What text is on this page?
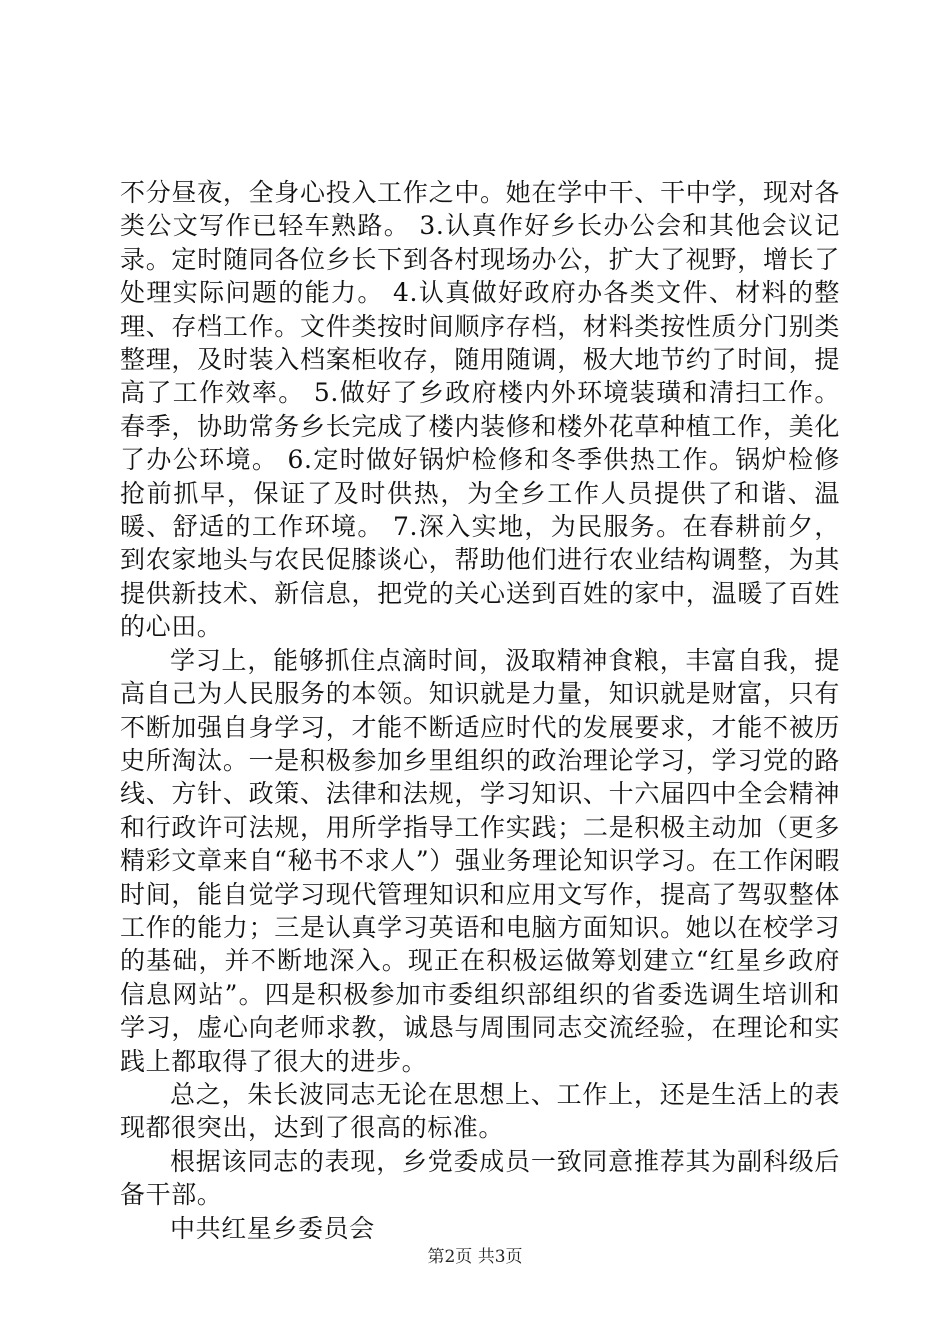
不分昼夜，全身心投入工作之中。她在学中干、干中学，现对各类公文写作已轻车熟路。 3.认真作好乡长办公会和其他会议记录。定时随同各位乡长下到各村现场办公，扩大了视野，增长了处理实际问题的能力。 4.认真做好政府办各类文件、材料的整理、存档工作。文件类按时间顺序存档，材料类按性质分门别类整理，及时装入档案柜收存，随用随调，极大地节约了时间，提高了工作效率。 5.做好了乡政府楼内外环境装璜和清扫工作。春季，协助常务乡长完成了楼内装修和楼外花草种植工作，美化了办公环境。 6.定时做好锅炉检修和冬季供热工作。锅炉检修抢前抓早，保证了及时供热，为全乡工作人员提供了和谐、温暖、舒适的工作环境。 7.深入实地，为民服务。在春耕前夕，到农家地头与农民促膝谈心，帮助他们进行农业结构调整，为其提供新技术、新信息，把党的关心送到百姓的家中，温暖了百姓的心田。

学习上，能够抓住点滴时间，汲取精神食粮，丰富自我，提高自己为人民服务的本领。知识就是力量，知识就是财富，只有不断加强自身学习，才能不断适应时代的发展要求，才能不被历史所淘汰。一是积极参加乡里组织的政治理论学习，学习党的路线、方针、政策、法律和法规，学习知识、十六届四中全会精神和行政许可法规，用所学指导工作实践；二是积极主动加（更多精彩文章来自“秘书不求人”）强业务理论知识学习。在工作闲暇时间，能自觉学习现代管理知识和应用文写作，提高了驾驭整体工作的能力；三是认真学习英语和电脑方面知识。她以在校学习的基础，并不断地深入。现正在积极运做筹划建立“红星乡政府信息网站”。四是积极参加市委组织部组织的省委选调生培训和学习，虚心向老师求教，诚恳与周围同志交流经验，在理论和实践上都取得了很大的进步。

总之，朱长波同志无论在思想上、工作上，还是生活上的表现都很突出，达到了很高的标准。

根据该同志的表现，乡党委成员一致同意推荐其为副科级后备干部。

中共红星乡委员会

第2页 共3页
